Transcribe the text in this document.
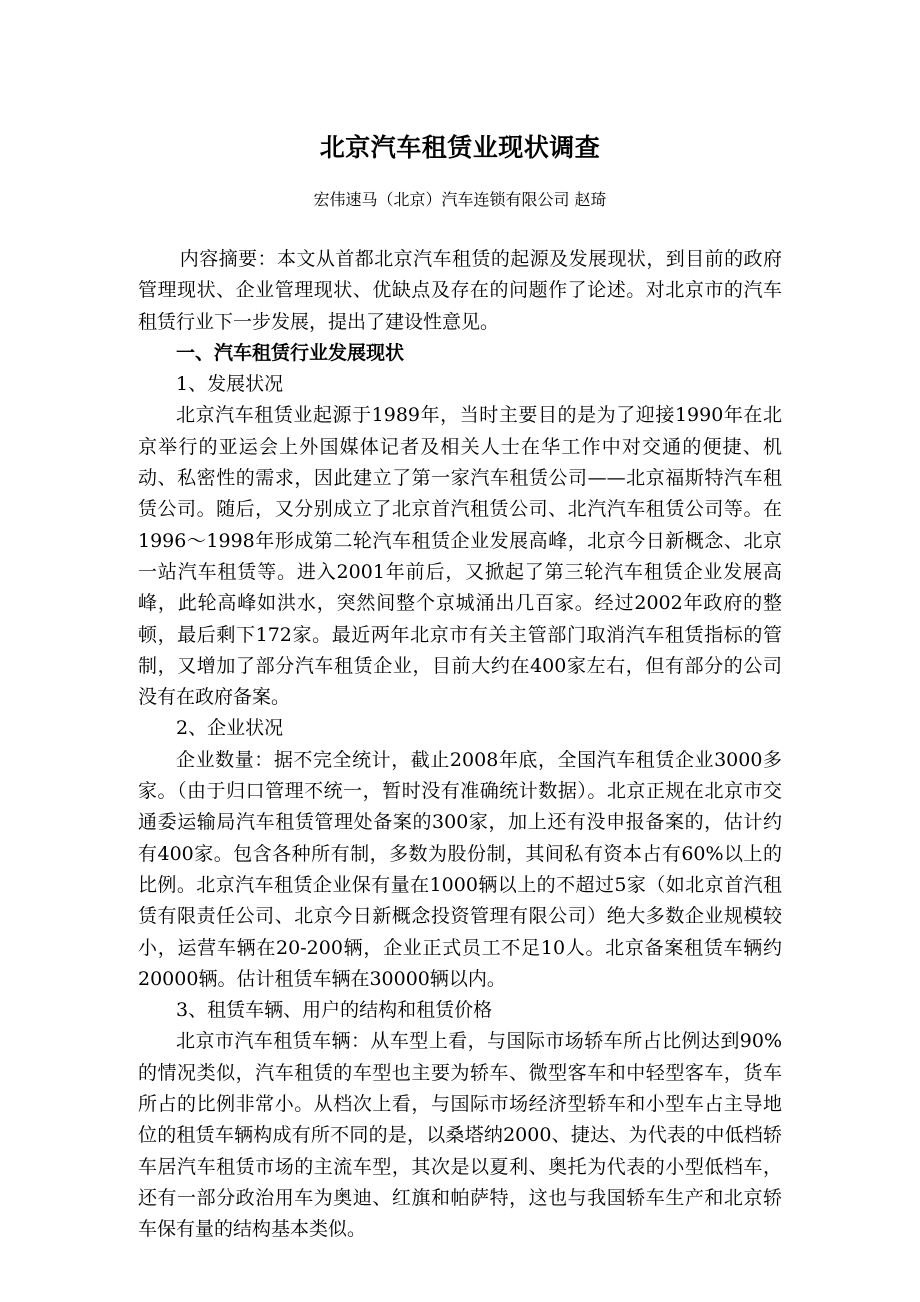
北京汽车租赁业现状调查
宏伟速马（北京）汽车连锁有限公司 赵琦

内容摘要：本文从首都北京汽车租赁的起源及发展现状，到目前的政府管理现状、企业管理现状、优缺点及存在的问题作了论述。对北京市的汽车租赁行业下一步发展，提出了建设性意见。

一、汽车租赁行业发展现状

1、发展状况

北京汽车租赁业起源于1989年，当时主要目的是为了迎接1990年在北京举行的亚运会上外国媒体记者及相关人士在华工作中对交通的便捷、机动、私密性的需求，因此建立了第一家汽车租赁公司——北京福斯特汽车租赁公司。随后，又分别成立了北京首汽租赁公司、北汽汽车租赁公司等。在1996～1998年形成第二轮汽车租赁企业发展高峰，北京今日新概念、北京一站汽车租赁等。进入2001年前后，又掀起了第三轮汽车租赁企业发展高峰，此轮高峰如洪水，突然间整个京城涌出几百家。经过2002年政府的整顿，最后剩下172家。最近两年北京市有关主管部门取消汽车租赁指标的管制，又增加了部分汽车租赁企业，目前大约在400家左右，但有部分的公司没有在政府备案。

2、企业状况

企业数量：据不完全统计，截止2008年底，全国汽车租赁企业3000多家。（由于归口管理不统一，暂时没有准确统计数据）。北京正规在北京市交通委运输局汽车租赁管理处备案的300家，加上还有没申报备案的，估计约有400家。包含各种所有制，多数为股份制，其间私有资本占有60%以上的比例。北京汽车租赁企业保有量在1000辆以上的不超过5家（如北京首汽租赁有限责任公司、北京今日新概念投资管理有限公司）绝大多数企业规模较小，运营车辆在20-200辆，企业正式员工不足10人。北京备案租赁车辆约20000辆。估计租赁车辆在30000辆以内。

3、租赁车辆、用户的结构和租赁价格

北京市汽车租赁车辆：从车型上看，与国际市场轿车所占比例达到90%的情况类似，汽车租赁的车型也主要为轿车、微型客车和中轻型客车，货车所占的比例非常小。从档次上看，与国际市场经济型轿车和小型车占主导地位的租赁车辆构成有所不同的是，以桑塔纳2000、捷达、为代表的中低档轿车居汽车租赁市场的主流车型，其次是以夏利、奥托为代表的小型低档车，还有一部分政治用车为奥迪、红旗和帕萨特，这也与我国轿车生产和北京轿车保有量的结构基本类似。
